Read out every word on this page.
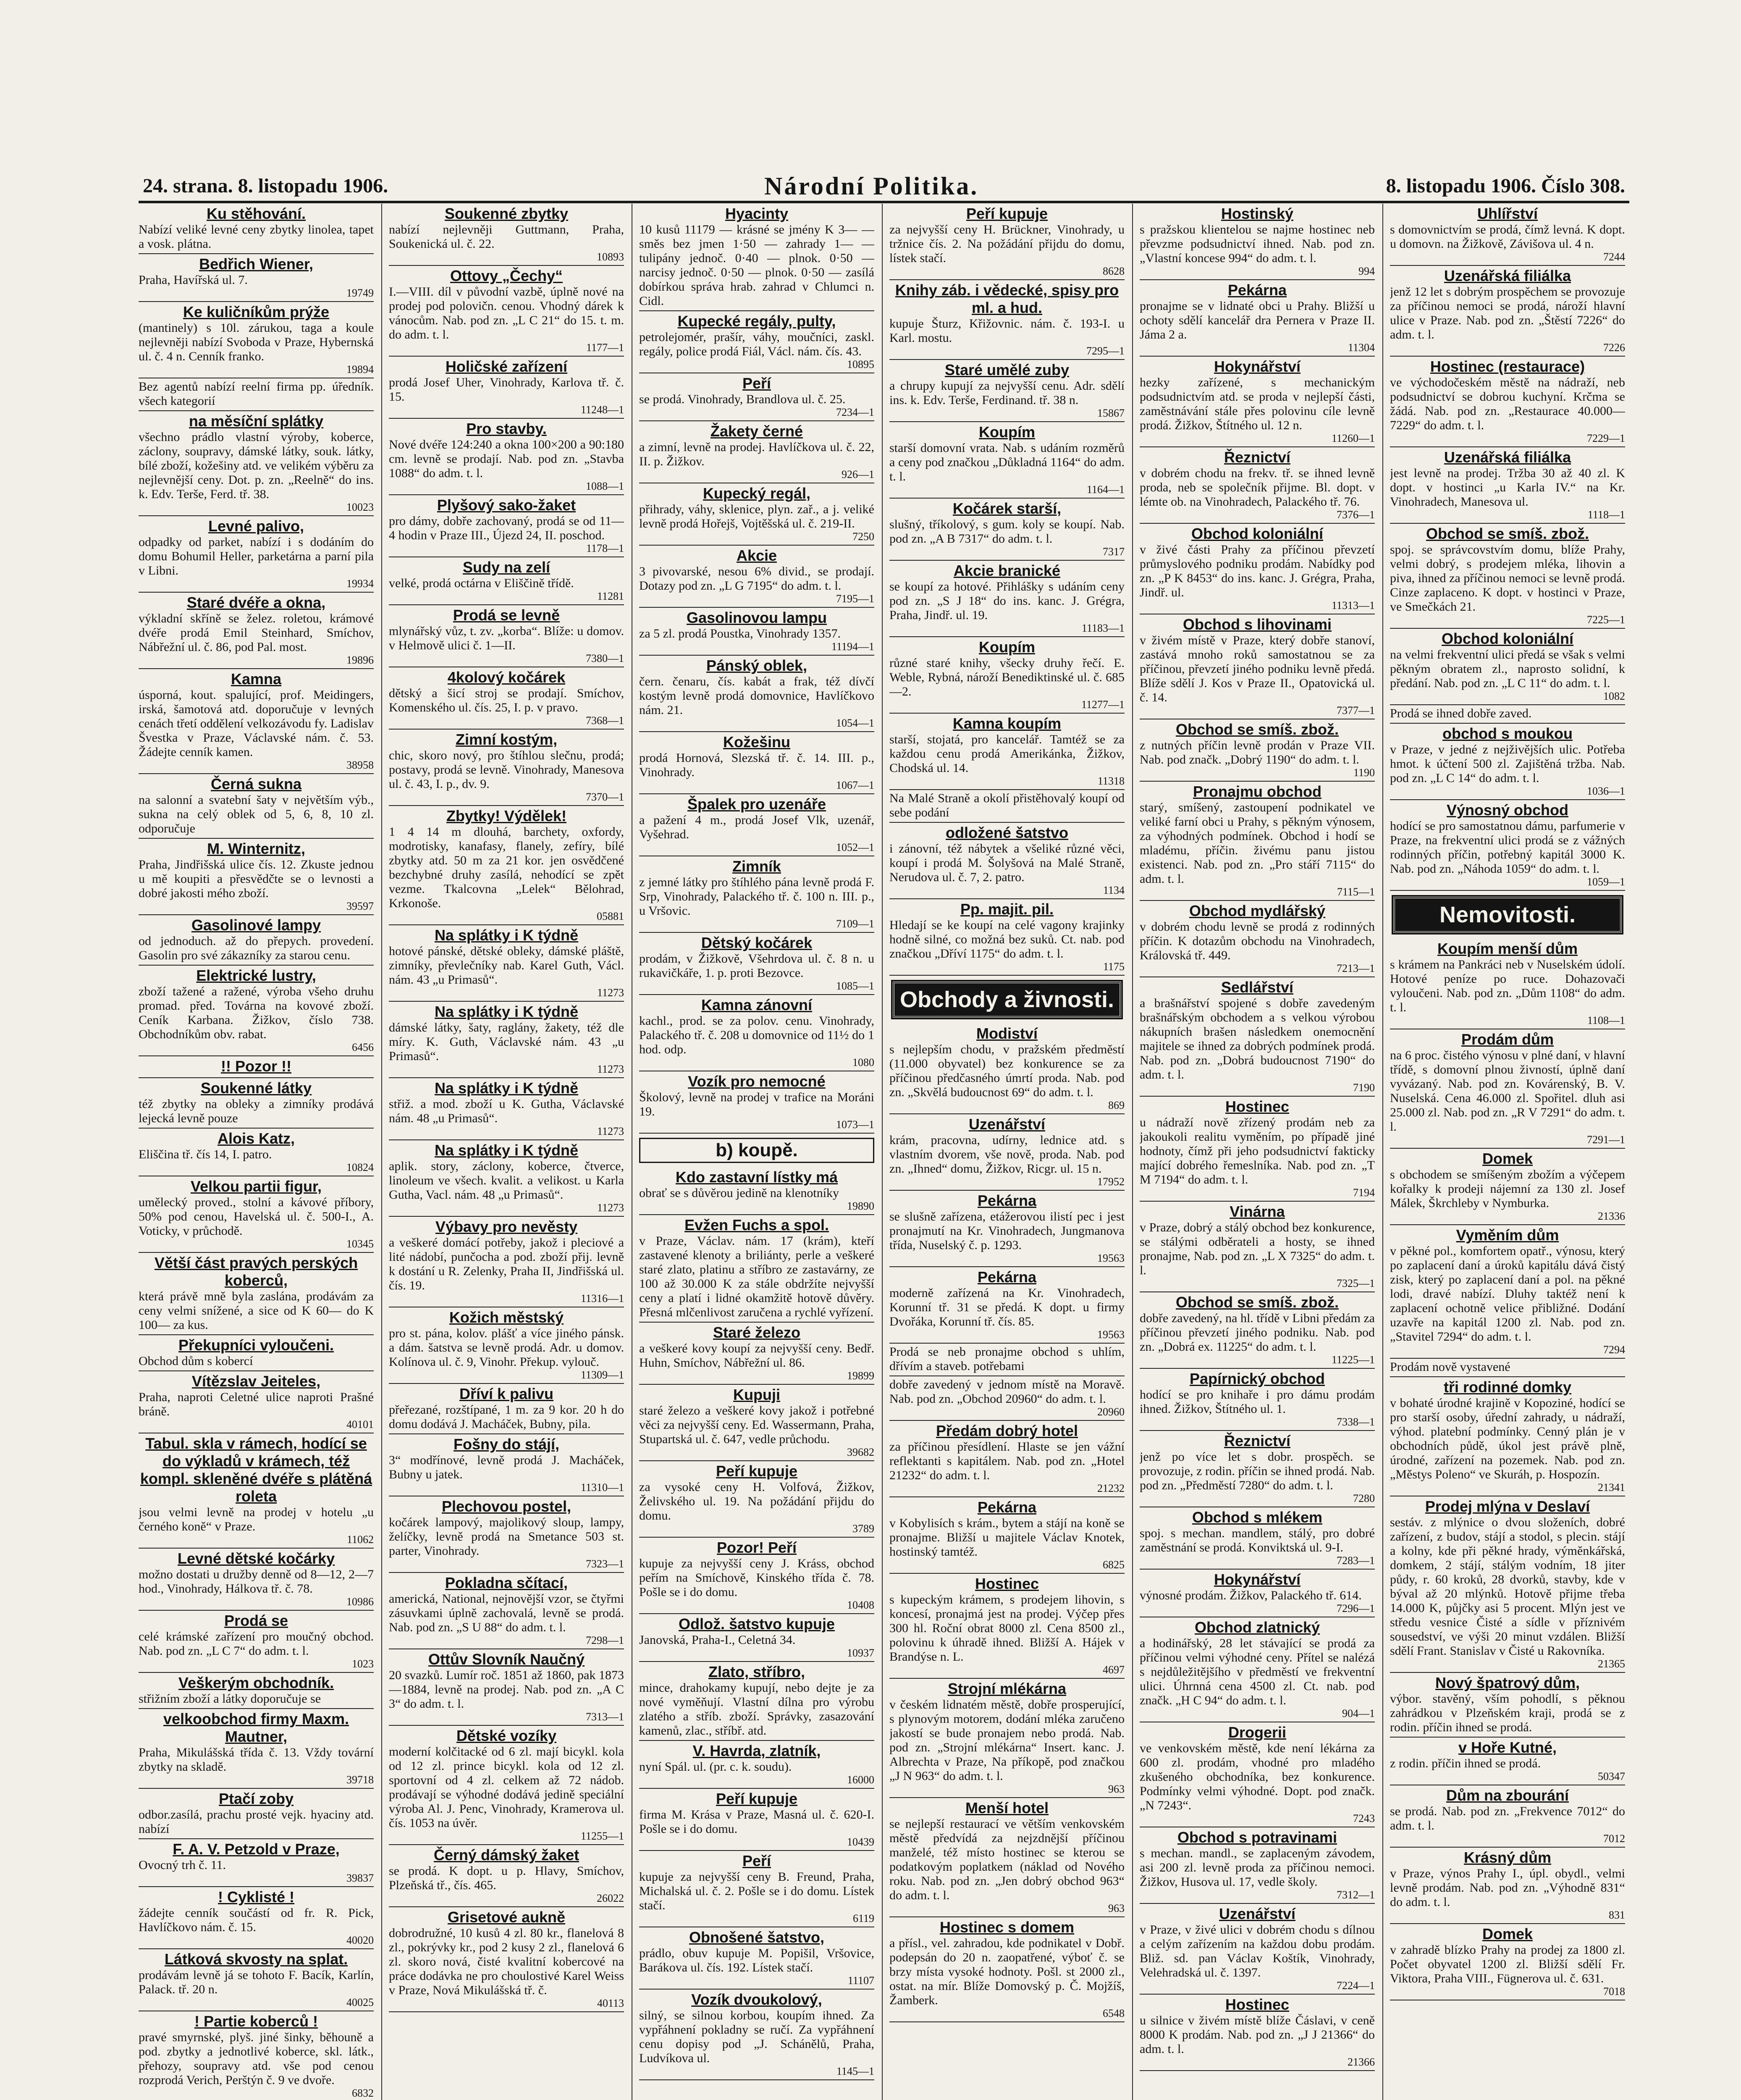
24. strana. 8. listopadu 1906.	Národní Politika.	8. listopadu 1906. Číslo 308.
Ku stěhování.

Nabízí veliké levné ceny zbytky linolea, tapet a vosk. plátna.

Bedřich Wiener,

Praha, Havířská ul. 7.

19749
Ke kuličníkům prýže

(mantinely) s 10l. zárukou, taga a koule nejlevněji nabízí Svoboda v Praze, Hybernská ul. č. 4 n. Cenník franko.

19894

Bez agentů nabízí reelní firma pp. úředník. všech kategorií

na měsíční splátky

všechno prádlo vlastní výroby, koberce, záclony, soupravy, dámské látky, souk. látky, bílé zboží, kožešiny atd. ve velikém výběru za nejlevnější ceny. Dot. p. zn. „Reelně“ do ins. k. Edv. Terše, Ferd. tř. 38.

10023
Levné palivo,

odpadky od parket, nabízí i s dodáním do domu Bohumil Heller, parketárna a parní pila v Libni.

19934
Staré dvéře a okna,

výkladní skříně se želez. roletou, krámové dvéře prodá Emil Steinhard, Smíchov, Nábřežní ul. č. 86, pod Pal. most.

19896
Kamna

úsporná, kout. spalující, prof. Meidingers, irská, šamotová atd. doporučuje v levných cenách třetí oddělení velkozávodu fy. Ladislav Švestka v Praze, Václavské nám. č. 53. Žádejte cenník kamen.

38958
Černá sukna

na salonní a svatební šaty v největším výb., sukna na celý oblek od 5, 6, 8, 10 zl. odporučuje

M. Winternitz,

Praha, Jindřišská ulice čís. 12. Zkuste jednou u mě koupiti a přesvědčte se o levnosti a dobré jakosti mého zboží.

39597
Gasolinové lampy

od jednoduch. až do přepych. provedení. Gasolin pro své zákazníky za starou cenu.

Elektrické lustry,

zboží tažené a ražené, výroba všeho druhu promad. před. Továrna na kovové zboží. Ceník Karbana. Žižkov, číslo 738. Obchodníkům obv. rabat.

6456
!! Pozor !!
Soukenné látky

též zbytky na obleky a zimníky prodává lejecká levně pouze

Alois Katz,

Eliščina tř. čís 14, I. patro.

10824
Velkou partii figur,

umělecký proved., stolní a kávové příbory, 50% pod cenou, Havelská ul. č. 500-I., A. Voticky, v průchodě.

10345
Větší část pravých perských koberců,

která právě mně byla zaslána, prodávám za ceny velmi snížené, a sice od K 60— do K 100— za kus.

Překupníci vyloučeni.

Obchod dům s kobercí

Vítězslav Jeiteles,

Praha, naproti Celetné ulice naproti Prašné bráně.

40101
Tabul. skla v rámech, hodící se do výkladů v krámech, též kompl. skleněné dvéře s plátěná roleta

jsou velmi levně na prodej v hotelu „u černého koně“ v Praze.

11062
Levné dětské kočárky

možno dostati u družby denně od 8—12, 2—7 hod., Vinohrady, Hálkova tř. č. 78.

10986
Prodá se

celé krámské zařízení pro moučný obchod. Nab. pod zn. „L C 7“ do adm. t. l.

1023
Veškerým obchodník.

střižním zboží a látky doporučuje se

velkoobchod firmy Maxm. Mautner,

Praha, Mikulášská třída č. 13. Vždy tovární zbytky na skladě.

39718
Ptačí zoby

odbor.zasílá, prachu prosté vejk. hyaciny atd. nabízí

F. A. V. Petzold v Praze,

Ovocný trh č. 11.

39837
! Cyklisté !

žádejte cenník součástí od fr. R. Pick, Havlíčkovo nám. č. 15.

40020
Látková skvosty na splat.

prodávám levně já se tohoto F. Bacík, Karlín, Palack. tř. 20 n.

40025
! Partie koberců !

pravé smyrnské, plyš. jiné šinky, běhouně a pod. zbytky a jednotlivé koberce, skl. látk., přehozy, soupravy atd. vše pod cenou rozprodá Verich, Perštýn č. 9 ve dvoře.

6832
Soukenné zbytky

nabízí nejlevněji Guttmann, Praha, Soukenická ul. č. 22.

10893
Ottovy „Čechy“

I.—VIII. díl v původní vazbě, úplně nové na prodej pod polovičn. cenou. Vhodný dárek k vánocům. Nab. pod zn. „L C 21“ do 15. t. m. do adm. t. l.

1177—1
Holičské zařízení

prodá Josef Uher, Vinohrady, Karlova tř. č. 15.

11248—1
Pro stavby.

Nové dvéře 124:240 a okna 100×200 a 90:180 cm. levně se prodají. Nab. pod zn. „Stavba 1088“ do adm. t. l.

1088—1
Plyšový sako-žaket

pro dámy, dobře zachovaný, prodá se od 11—4 hodin v Praze III., Újezd 24, II. poschod.

1178—1
Sudy na zelí

velké, prodá octárna v Eliščině třídě.

11281
Prodá se levně

mlynářský vůz, t. zv. „korba“. Blíže: u domov. v Helmově ulici č. 1—II.

7380—1
4kolový kočárek

dětský a šicí stroj se prodají. Smíchov, Komenského ul. čís. 25, I. p. v pravo.

7368—1
Zimní kostým,

chic, skoro nový, pro štíhlou slečnu, prodá; postavy, prodá se levně. Vinohrady, Manesova ul. č. 43, I. p., dv. 9.

7370—1
Zbytky! Výdělek!

1 4 14 m dlouhá, barchety, oxfordy, modrotisky, kanafasy, flanely, zefíry, bílé zbytky atd. 50 m za 21 kor. jen osvědčené bezchybné druhy zasílá, nehodící se zpět vezme. Tkalcovna „Lelek“ Bělohrad, Krkonoše.

05881
Na splátky i K týdně

hotové pánské, dětské obleky, dámské pláště, zimníky, převlečníky nab. Karel Guth, Václ. nám. 43 „u Primasů“.

11273
Na splátky i K týdně

dámské látky, šaty, raglány, žakety, též dle míry. K. Guth, Václavské nám. 43 „u Primasů“.

11273
Na splátky i K týdně

střiž. a mod. zboží u K. Gutha, Václavské nám. 48 „u Primasů“.

11273
Na splátky i K týdně

aplik. story, záclony, koberce, čtverce, linoleum ve všech. kvalit. a velikost. u Karla Gutha, Vacl. nám. 48 „u Primasů“.

11273
Výbavy pro nevěsty

a veškeré domácí potřeby, jakož i pleciové a lité nádobí, punčocha a pod. zboží přij. levně k dostání u R. Zelenky, Praha II, Jindřišská ul. čís. 19.

11316—1
Kožich městský

pro st. pána, kolov. plášť a více jiného pánsk. a dám. šatstva se levně prodá. Adr. u domov. Kolínova ul. č. 9, Vinohr. Překup. vylouč.

11309—1
Dříví k palivu

přeřezané, rozštípané, 1 m. za 9 kor. 20 h do domu dodává J. Macháček, Bubny, pila.

Fošny do stájí,

3“ modřínové, levně prodá J. Macháček, Bubny u jatek.

11310—1
Plechovou postel,

kočárek lampový, majolikový sloup, lampy, želíčky, levně prodá na Smetance 503 st. parter, Vinohrady.

7323—1
Pokladna sčítací,

americká, National, nejnovější vzor, se čtyřmi zásuvkami úplně zachovalá, levně se prodá. Nab. pod zn. „S U 88“ do adm. t. l.

7298—1
Ottův Slovník Naučný

20 svazků. Lumír roč. 1851 až 1860, pak 1873—1884, levně na prodej. Nab. pod zn. „A C 3“ do adm. t. l.

7313—1
Dětské vozíky

moderní kolčitacké od 6 zl. mají bicykl. kola od 12 zl. prince bicykl. kola od 12 zl. sportovní od 4 zl. celkem až 72 nádob. prodávají se výhodné dodává jedině speciální výroba Al. J. Penc, Vinohrady, Kramerova ul. čís. 1053 na úvěr.

11255—1
Černý dámský žaket

se prodá. K dopt. u p. Hlavy, Smíchov, Plzeňská tř., čís. 465.

26022
Grisetové aukně

dobrodružné, 10 kusů 4 zl. 80 kr., flanelová 8 zl., pokrývky kr., pod 2 kusy 2 zl., flanelová 6 zl. skoro nová, čisté kvalitní kobercové na práce dodávka ne pro choulostivé Karel Weiss v Praze, Nová Mikulášská tř. č.

40113
Hyacinty

10 kusů 11179 — krásné se jmény K 3— — směs bez jmen 1·50 — zahrady 1— — tulipány jednoč. 0·40 — plnok. 0·50 — narcisy jednoč. 0·50 — plnok. 0·50 — zasílá dobírkou správa hrab. zahrad v Chlumci n. Cidl.

Kupecké regály, pulty,

petrolejomér, prašír, váhy, moučníci, zaskl. regály, police prodá Fiál, Václ. nám. čís. 43.

10895
Peří

se prodá. Vinohrady, Brandlova ul. č. 25.

7234—1
Žakety černé

a zimní, levně na prodej. Havlíčkova ul. č. 22, II. p. Žižkov.

926—1
Kupecký regál,

přihrady, váhy, sklenice, plyn. zař., a j. veliké levně prodá Hořejš, Vojtěšská ul. č. 219-II.

7250
Akcie

3 pivovarské, nesou 6% divid., se prodají. Dotazy pod zn. „L G 7195“ do adm. t. l.

7195—1
Gasolinovou lampu

za 5 zl. prodá Poustka, Vinohrady 1357.

11194—1
Pánský oblek,

čern. čenaru, čís. kabát a frak, též dívčí kostým levně prodá domovnice, Havlíčkovo nám. 21.

1054—1
Kožešinu

prodá Hornová, Slezská tř. č. 14. III. p., Vinohrady.

1067—1
Špalek pro uzenáře

a pažení 4 m., prodá Josef Vlk, uzenář, Vyšehrad.

1052—1
Zimník

z jemné látky pro štíhlého pána levně prodá F. Srp, Vinohrady, Palackého tř. č. 100 n. III. p., u Vršovic.

7109—1
Dětský kočárek

prodám, v Žižkově, Všehrdova ul. č. 8 n. u rukavičkáře, 1. p. proti Bezovce.

1085—1
Kamna zánovní

kachl., prod. se za polov. cenu. Vinohrady, Palackého tř. č. 208 u domovnice od 11½ do 1 hod. odp.

1080
Vozík pro nemocné

Školový, levně na prodej v trafice na Moráni 19.

1073—1
b) koupě.
Kdo zastavní lístky má

obrať se s důvěrou jedině na klenotníky

19890
Evžen Fuchs a spol.

v Praze, Václav. nám. 17 (krám), kteří zastavené klenoty a briliánty, perle a veškeré staré zlato, platinu a stříbro ze zastavárny, ze 100 až 30.000 K za stále obdržíte nejvyšší ceny a platí i lidné okamžitě hotově důvěry. Přesná mlčenlivost zaručena a rychlé vyřízení.

Staré železo

a veškeré kovy koupí za nejvyšší ceny. Bedř. Huhn, Smíchov, Nábřežní ul. 86.

19899
Kupuji

staré železo a veškeré kovy jakož i potřebné věci za nejvyšší ceny. Ed. Wassermann, Praha, Stupartská ul. č. 647, vedle průchodu.

39682
Peří kupuje

za vysoké ceny H. Volfová, Žižkov, Želivského ul. 19. Na požádání přijdu do domu.

3789
Pozor! Peří

kupuje za nejvyšší ceny J. Kráss, obchod peřím na Smíchově, Kinského třída č. 78. Pošle se i do domu.

10408
Odlož. šatstvo kupuje

Janovská, Praha-I., Celetná 34.

10937
Zlato, stříbro,

mince, drahokamy kupují, nebo dejte je za nové vyměňují. Vlastní dílna pro výrobu zlatého a stříb. zboží. Správky, zasazování kamenů, zlac., stříbř. atd.

V. Havrda, zlatník,

nyní Spál. ul. (pr. c. k. soudu).

16000
Peří kupuje

firma M. Krása v Praze, Masná ul. č. 620-I. Pošle se i do domu.

10439
Peří

kupuje za nejvyšší ceny B. Freund, Praha, Michalská ul. č. 2. Pošle se i do domu. Lístek stačí.

6119
Obnošené šatstvo,

prádlo, obuv kupuje M. Popišil, Vršovice, Barákova ul. čís. 192. Lístek stačí.

11107
Vozík dvoukolový,

silný, se silnou korbou, koupím ihned. Za vypřáhnení pokladny se ručí. Za vypřáhnení cenu dopisy pod „J. Schánělů, Praha, Ludvíkova ul.

1145—1
Peří kupuje

za nejvyšší ceny H. Brückner, Vinohrady, u tržnice čís. 2. Na požádání přijdu do domu, lístek stačí.

8628
Knihy záb. i vědecké, spisy pro ml. a hud.

kupuje Šturz, Křižovnic. nám. č. 193-I. u Karl. mostu.

7295—1
Staré umělé zuby

a chrupy kupují za nejvyšší cenu. Adr. sdělí ins. k. Edv. Terše, Ferdinand. tř. 38 n.

15867
Koupím

starší domovní vrata. Nab. s udáním rozměrů a ceny pod značkou „Důkladná 1164“ do adm. t. l.

1164—1
Kočárek starší,

slušný, tříkolový, s gum. koly se koupí. Nab. pod zn. „A B 7317“ do adm. t. l.

7317
Akcie branické

se koupí za hotové. Přihlášky s udáním ceny pod zn. „S J 18“ do ins. kanc. J. Grégra, Praha, Jindř. ul. 19.

11183—1
Koupím

různé staré knihy, všecky druhy řečí. E. Weble, Rybná, nároží Benediktinské ul. č. 685—2.

11277—1
Kamna koupím

starší, stojatá, pro kancelář. Tamtéž se za každou cenu prodá Amerikánka, Žižkov, Chodská ul. 14.

11318

Na Malé Straně a okolí přistěhovalý koupí od sebe podání

odložené šatstvo

i zánovní, též nábytek a všeliké různé věci, koupí i prodá M. Šolyšová na Malé Straně, Nerudova ul. č. 7, 2. patro.

1134
Pp. majit. pil.

Hledají se ke koupí na celé vagony krajinky hodně silné, co možná bez suků. Ct. nab. pod značkou „Dříví 1175“ do adm. t. l.

1175
Obchody a živnosti.
Modiství

s nejlepším chodu, v pražském předměstí (11.000 obyvatel) bez konkurence se za příčinou předčasného úmrtí proda. Nab. pod zn. „Skvělá budoucnost 69“ do adm. t. l.

869
Uzenářství

krám, pracovna, udírny, lednice atd. s vlastním dvorem, vše nově, proda. Nab. pod zn. „Ihned“ domu, Žižkov, Ricgr. ul. 15 n.

17952
Pekárna

se slušně zařízena, etážerovou ilistí pec i jest pronajmutí na Kr. Vinohradech, Jungmanova třída, Nuselský č. p. 1293.

19563
Pekárna

moderně zařízená na Kr. Vinohradech, Korunní tř. 31 se předá. K dopt. u firmy Dvořáka, Korunní tř. čís. 85.

19563

Prodá se neb pronajme obchod s uhlím, dřívím a staveb. potřebami

dobře zavedený v jednom místě na Moravě. Nab. pod zn. „Obchod 20960“ do adm. t. l.

20960
Předám dobrý hotel

za příčinou přesídlení. Hlaste se jen vážní reflektanti s kapitálem. Nab. pod zn. „Hotel 21232“ do adm. t. l.

21232
Pekárna

v Kobylisích s krám., bytem a stájí na koně se pronajme. Bližší u majitele Václav Knotek, hostinský tamtéž.

6825
Hostinec

s kupeckým krámem, s prodejem lihovin, s koncesí, pronajmá jest na prodej. Výčep přes 300 hl. Roční obrat 8000 zl. Cena 8500 zl., polovinu k úhradě ihned. Bližší A. Hájek v Brandýse n. L.

4697
Strojní mlékárna

v českém lidnatém městě, dobře prosperující, s plynovým motorem, dodání mléka zaručeno jakostí se bude pronajem nebo prodá. Nab. pod zn. „Strojní mlékárna“ Insert. kanc. J. Albrechta v Praze, Na příkopě, pod značkou „J N 963“ do adm. t. l.

963
Menší hotel

se nejlepší restaurací ve větším venkovském městě předvídá za nejzdnější příčinou manželé, též místo hostinec se kterou se podatkovým poplatkem (náklad od Nového roku. Nab. pod zn. „Jen dobrý obchod 963“ do adm. t. l.

963
Hostinec s domem

a přísl., vel. zahradou, kde podnikatel v Dobř. podepsán do 20 n. zaopatřené, výboť č. se brzy místa vysoké hodnoty. Pošl. st 2000 zl., ostat. na mír. Blíže Domovský p. Č. Mojžíš, Žamberk.

6548
Hostinský

s pražskou klientelou se najme hostinec neb převzme podsudnictví ihned. Nab. pod zn. „Vlastní koncese 994“ do adm. t. l.

994
Pekárna

pronajme se v lidnaté obci u Prahy. Bližší u ochoty sdělí kancelář dra Pernera v Praze II. Jáma 2 a.

11304
Hokynářství

hezky zařízené, s mechanickým podsudnictvím atd. se proda v nejlepší části, zaměstnávání stále přes polovinu cíle levně prodá. Žižkov, Štítného ul. 12 n.

11260—1
Řeznictví

v dobrém chodu na frekv. tř. se ihned levně proda, neb se společník přijme. Bl. dopt. v lémte ob. na Vinohradech, Palackého tř. 76.

7376—1
Obchod koloniální

v živé části Prahy za příčinou převzetí průmyslového podniku prodám. Nabídky pod zn. „P K 8453“ do ins. kanc. J. Grégra, Praha, Jindř. ul.

11313—1
Obchod s lihovinami

v živém místě v Praze, který dobře stanoví, zastává mnoho roků samostatnou se za příčinou, převzetí jiného podniku levně předá. Blíže sdělí J. Kos v Praze II., Opatovická ul. č. 14.

7377—1
Obchod se smíš. zbož.

z nutných příčin levně prodán v Praze VII. Nab. pod značk. „Dobrý 1190“ do adm. t. l.

1190
Pronajmu obchod

starý, smíšený, zastoupení podnikatel ve veliké farní obci u Prahy, s pěkným výnosem, za výhodných podmínek. Obchod i hodí se mladému, příčin. živému panu jistou existenci. Nab. pod zn. „Pro stáří 7115“ do adm. t. l.

7115—1
Obchod mydlářský

v dobrém chodu levně se prodá z rodinných příčin. K dotazům obchodu na Vinohradech, Královská tř. 449.

7213—1
Sedlářství

a brašnářství spojené s dobře zavedeným brašnářským obchodem a s velkou výrobou nákupních brašen následkem onemocnění majitele se ihned za dobrých podmínek prodá. Nab. pod zn. „Dobrá budoucnost 7190“ do adm. t. l.

7190
Hostinec

u nádraží nově zřízený prodám neb za jakoukoli realitu vyměním, po případě jiné hodnoty, čímž při jeho podsudnictví fakticky mající dobrého řemeslníka. Nab. pod zn. „T M 7194“ do adm. t. l.

7194
Vinárna

v Praze, dobrý a stálý obchod bez konkurence, se stálými odběrateli a hosty, se ihned pronajme, Nab. pod zn. „L X 7325“ do adm. t. l.

7325—1
Obchod se smíš. zbož.

dobře zavedený, na hl. třídě v Libni předám za příčinou převzetí jiného podniku. Nab. pod zn. „Dobrá ex. 11225“ do adm. t. l.

11225—1
Papírnický obchod

hodící se pro knihaře i pro dámu prodám ihned. Žižkov, Štítného ul. 1.

7338—1
Řeznictví

jenž po více let s dobr. prospěch. se provozuje, z rodin. příčin se ihned prodá. Nab. pod zn. „Předměstí 7280“ do adm. t. l.

7280
Obchod s mlékem

spoj. s mechan. mandlem, stálý, pro dobré zaměstnání se prodá. Konviktská ul. 9-I.

7283—1
Hokynářství

výnosné prodám. Žižkov, Palackého tř. 614.

7296—1
Obchod zlatnický

a hodinářský, 28 let stávající se prodá za příčinou velmi výhodné ceny. Přítel se nalézá s nejdůležitějšího v předměstí ve frekventní ulici. Úhrnná cena 4500 zl. Ct. nab. pod značk. „H C 94“ do adm. t. l.

904—1
Drogerii

ve venkovském městě, kde není lékárna za 600 zl. prodám, vhodné pro mladého zkušeného obchodníka, bez konkurence. Podmínky velmi výhodné. Dopt. pod značk. „N 7243“.

7243
Obchod s potravinami

s mechan. mandl., se zaplaceným závodem, asi 200 zl. levně proda za příčinou nemoci. Žižkov, Husova ul. 17, vedle školy.

7312—1
Uzenářství

v Praze, v živé ulici v dobrém chodu s dílnou a celým zařízením na každou dobu prodám. Bliž. sd. pan Václav Koštík, Vinohrady, Velehradská ul. č. 1397.

7224—1
Hostinec

u silnice v živém místě blíže Čáslavi, v ceně 8000 K prodám. Nab. pod zn. „J J 21366“ do adm. t. l.

21366
Uhlířství

s domovnictvím se prodá, čímž levná. K dopt. u domovn. na Žižkově, Závišova ul. 4 n.

7244
Uzenářská filiálka

jenž 12 let s dobrým prospěchem se provozuje za příčinou nemoci se prodá, nároží hlavní ulice v Praze. Nab. pod zn. „Štěstí 7226“ do adm. t. l.

7226
Hostinec (restaurace)

ve východočeském městě na nádraží, neb podsudnictví se dobrou kuchyní. Krčma se žádá. Nab. pod zn. „Restaurace 40.000—7229“ do adm. t. l.

7229—1
Uzenářská filiálka

jest levně na prodej. Tržba 30 až 40 zl. K dopt. v hostinci „u Karla IV.“ na Kr. Vinohradech, Manesova ul.

1118—1
Obchod se smíš. zbož.

spoj. se správcovstvím domu, blíže Prahy, velmi dobrý, s prodejem mléka, lihovin a piva, ihned za příčinou nemoci se levně prodá. Cinze zaplaceno. K dopt. v hostinci v Praze, ve Smečkách 21.

7225—1
Obchod koloniální

na velmi frekventní ulici předá se však s velmi pěkným obratem zl., naprosto solidní, k předání. Nab. pod zn. „L C 11“ do adm. t. l.

1082

Prodá se ihned dobře zaved.

obchod s moukou

v Praze, v jedné z nejživějších ulic. Potřeba hmot. k účtení 500 zl. Zajištěná tržba. Nab. pod zn. „L C 14“ do adm. t. l.

1036—1
Výnosný obchod

hodící se pro samostatnou dámu, parfumerie v Praze, na frekventní ulici prodá se z vážných rodinných příčin, potřebný kapitál 3000 K. Nab. pod zn. „Náhoda 1059“ do adm. t. l.

1059—1
Nemovitosti.
Koupím menší dům

s krámem na Pankráci neb v Nuselském údolí. Hotové peníze po ruce. Dohazovači vyloučeni. Nab. pod zn. „Dům 1108“ do adm. t. l.

1108—1
Prodám dům

na 6 proc. čistého výnosu v plné daní, v hlavní třídě, s domovní plnou živností, úplně daní vyvázaný. Nab. pod zn. Kovárenský, B. V. Nuselská. Cena 46.000 zl. Spořitel. dluh asi 25.000 zl. Nab. pod zn. „R V 7291“ do adm. t. l.

7291—1
Domek

s obchodem se smíšeným zbožím a výčepem kořalky k prodeji nájemní za 130 zl. Josef Málek, Škrchleby v Nymburka.

21336
Vyměním dům

v pěkné pol., komfortem opatř., výnosu, který po zaplacení daní a úroků kapitálu dává čistý zisk, který po zaplacení daní a pol. na pěkné lodi, dravé nabízí. Dluhy taktéž není k zaplacení ochotně velice přibližné. Dodání uzavře na kapitál 1200 zl. Nab. pod zn. „Stavitel 7294“ do adm. t. l.

7294

Prodám nově vystavené

tři rodinné domky

v bohaté úrodné krajině v Kopoziné, hodící se pro starší osoby, úřední zahrady, u nádraží, výhod. platební podmínky. Cenný plán je v obchodních půdě, úkol jest právě plně, úrodné, zařízení na pozemek. Nab. pod zn. „Městys Poleno“ ve Skuráh, p. Hospozín.

21341
Prodej mlýna v Deslaví

sestáv. z mlýnice o dvou složeních, dobré zařízení, z budov, stájí a stodol, s plecin. stájí a kolny, kde při pěkné hrady, výměnkářská, domkem, 2 stájí, stálým vodním, 18 jiter půdy, r. 60 kroků, 28 dvorků, stavby, kde v býval až 20 mlýnků. Hotově přijme třeba 14.000 K, půjčky asi 5 procent. Mlýn jest ve středu vesnice Čisté a sídle v příznivém sousedství, ve výši 20 minut vzdálen. Bližší sdělí Frant. Stanislav v Čisté u Rakovníka.

21365
Nový špatrový dům,

výbor. stavěný, vším pohodlí, s pěknou zahrádkou v Plzeňském kraji, prodá se z rodin. příčin ihned se prodá.

v Hoře Kutné,

z rodin. příčin ihned se prodá.

50347
Dům na zbourání

se prodá. Nab. pod zn. „Frekvence 7012“ do adm. t. l.

7012
Krásný dům

v Praze, výnos Prahy I., úpl. obydl., velmi levně prodám. Nab. pod zn. „Výhodně 831“ do adm. t. l.

831
Domek

v zahradě blízko Prahy na prodej za 1800 zl. Počet obyvatel 1200 zl. Bližší sdělí Fr. Viktora, Praha VIII., Fügnerova ul. č. 631.

7018
